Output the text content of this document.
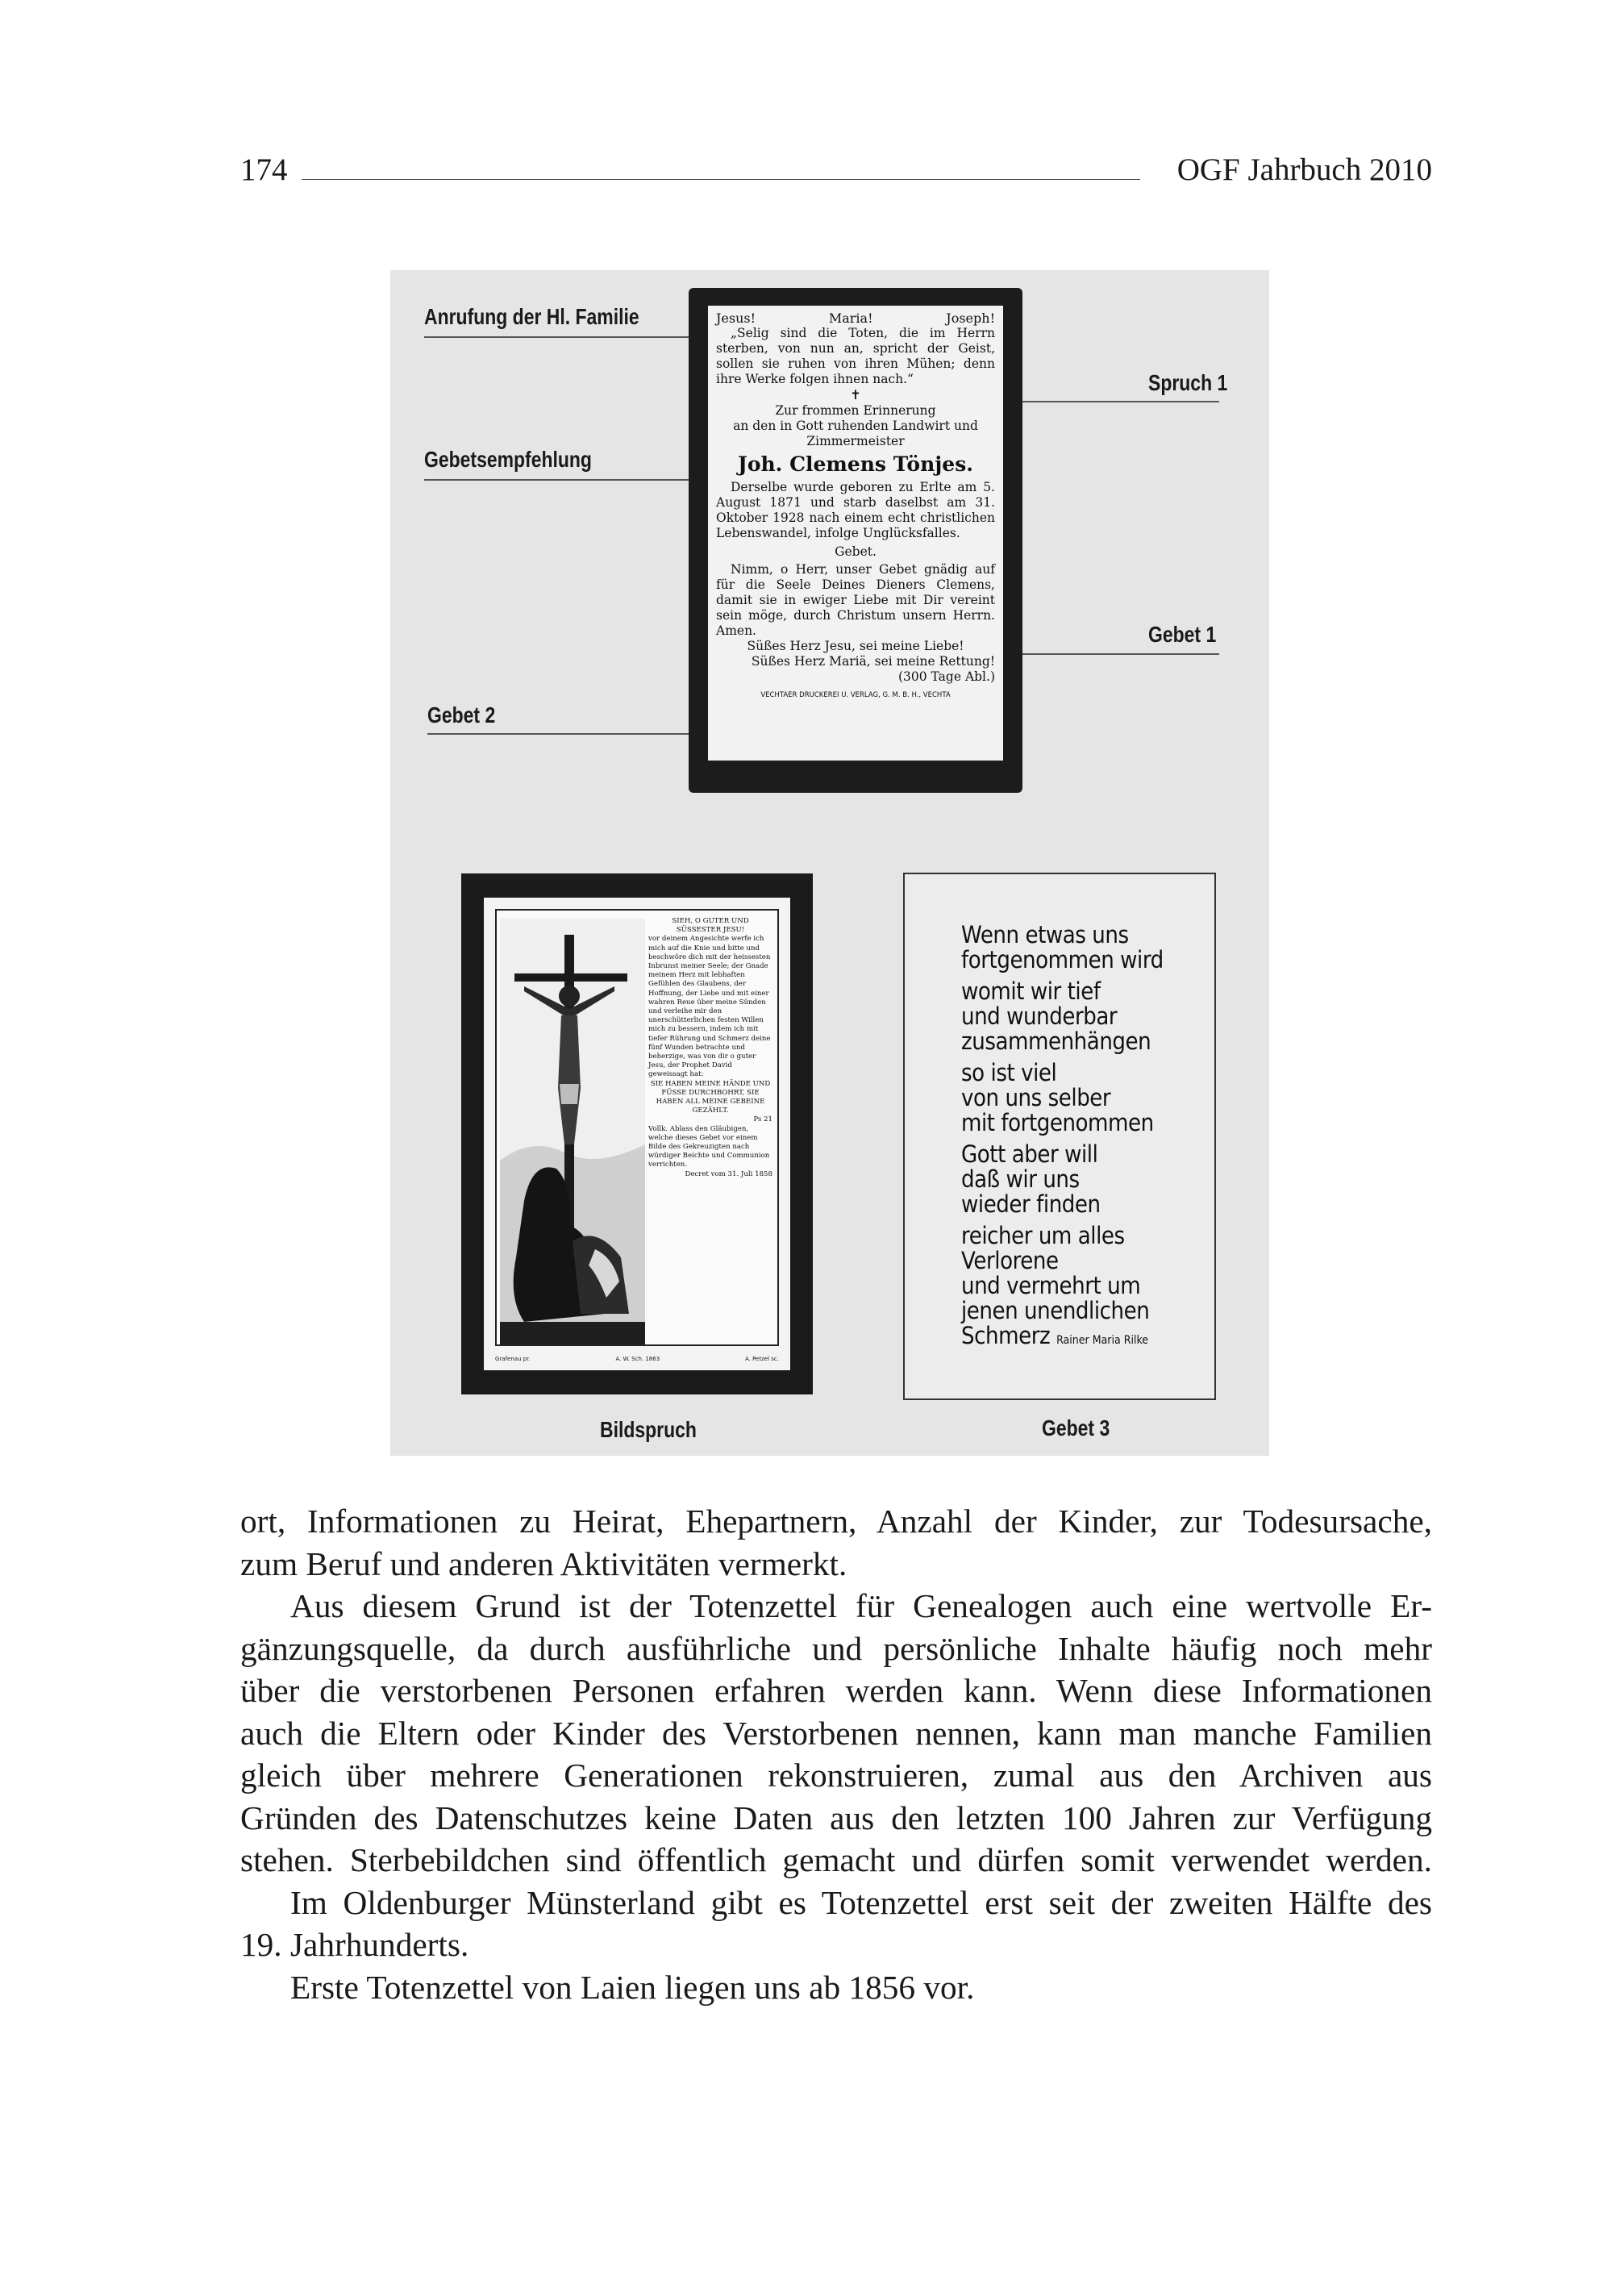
174	OGF Jahrbuch 2010
Anrufung der Hl. Familie
Gebetsempfehlung
Gebet 2
Spruch 1
Gebet 1
Jesus!	Maria!	Joseph!

„Selig sind die Toten, die im Herrn sterben, von nun an, spricht der Geist, sollen sie ruhen von ihren Mühen; denn ihre Werke folgen ihnen nach.“

✝

Zur frommen Erinnerung

an den in Gott ruhenden Landwirt und

Zimmermeister

Joh. Clemens Tönjes.

Derselbe wurde geboren zu Erlte am 5. August 1871 und starb daselbst am 31. Oktober 1928 nach einem echt christlichen Lebenswandel, infolge Unglücksfalles.

Gebet.

Nimm, o Herr, unser Gebet gnädig auf für die Seele Deines Dieners Clemens, damit sie in ewiger Liebe mit Dir vereint sein möge, durch Christum unsern Herrn. Amen.

Süßes Herz Jesu, sei meine Liebe!

Süßes Herz Mariä, sei meine Rettung!

(300 Tage Abl.)

VECHTAER DRUCKEREI U. VERLAG, G. M. B. H., VECHTA

SIEH, O GUTER UND

SÜSSESTER JESU!

vor deinem Angesichte werfe ich mich auf die Knie und bitte und beschwöre dich mit der heissesten Inbrunst meiner Seele; der Gnade meinem Herz mit lebhaften Gefühlen des Glaubens, der Hoffnung, der Liebe und mit einer wahren Reue über meine Sünden und verleihe mir den unerschütterlichen festen Willen mich zu bessern, indem ich mit tiefer Rührung und Schmerz deine fünf Wunden betrachte und beherzige, was von dir o guter Jesu, der Prophet David geweissagt hat:

SIE HABEN MEINE HÄNDE UND FÜSSE DURCHBOHRT, SIE HABEN ALL MEINE GEBEINE GEZÄHLT.

Ps 21

Vollk. Ablass den Gläubigen, welche dieses Gebet vor einem Bilde des Gekreuzigten nach würdiger Beichte und Communion verrichten.

Decret vom 31. Juli 1858

Grafenau pr.	A. W. Sch. 1863	A. Petzel sc.
Wenn etwas uns
fortgenommen wird
womit wir tief
und wunderbar
zusammenhängen
so ist viel
von uns selber
mit fortgenommen
Gott aber will
daß wir uns
wieder finden
reicher um alles
Verlorene
und vermehrt um
jenen unendlichen
Schmerz Rainer Maria Rilke
Bildspruch	Gebet 3

ort, Informationen zu Heirat, Ehepartnern, Anzahl der Kinder, zur Todesursache,

zum Beruf und anderen Aktivitäten vermerkt.

Aus diesem Grund ist der Totenzettel für Genealogen auch eine wertvolle Er-

gänzungsquelle, da durch ausführliche und persönliche Inhalte häufig noch mehr

über die verstorbenen Personen erfahren werden kann. Wenn diese Informationen

auch die Eltern oder Kinder des Verstorbenen nennen, kann man manche Familien

gleich über mehrere Generationen rekonstruieren, zumal aus den Archiven aus

Gründen des Datenschutzes keine Daten aus den letzten 100 Jahren zur Verfügung

stehen. Sterbebildchen sind öffentlich gemacht und dürfen somit verwendet werden.

Im Oldenburger Münsterland gibt es Totenzettel erst seit der zweiten Hälfte des

19. Jahrhunderts.

Erste Totenzettel von Laien liegen uns ab 1856 vor.
